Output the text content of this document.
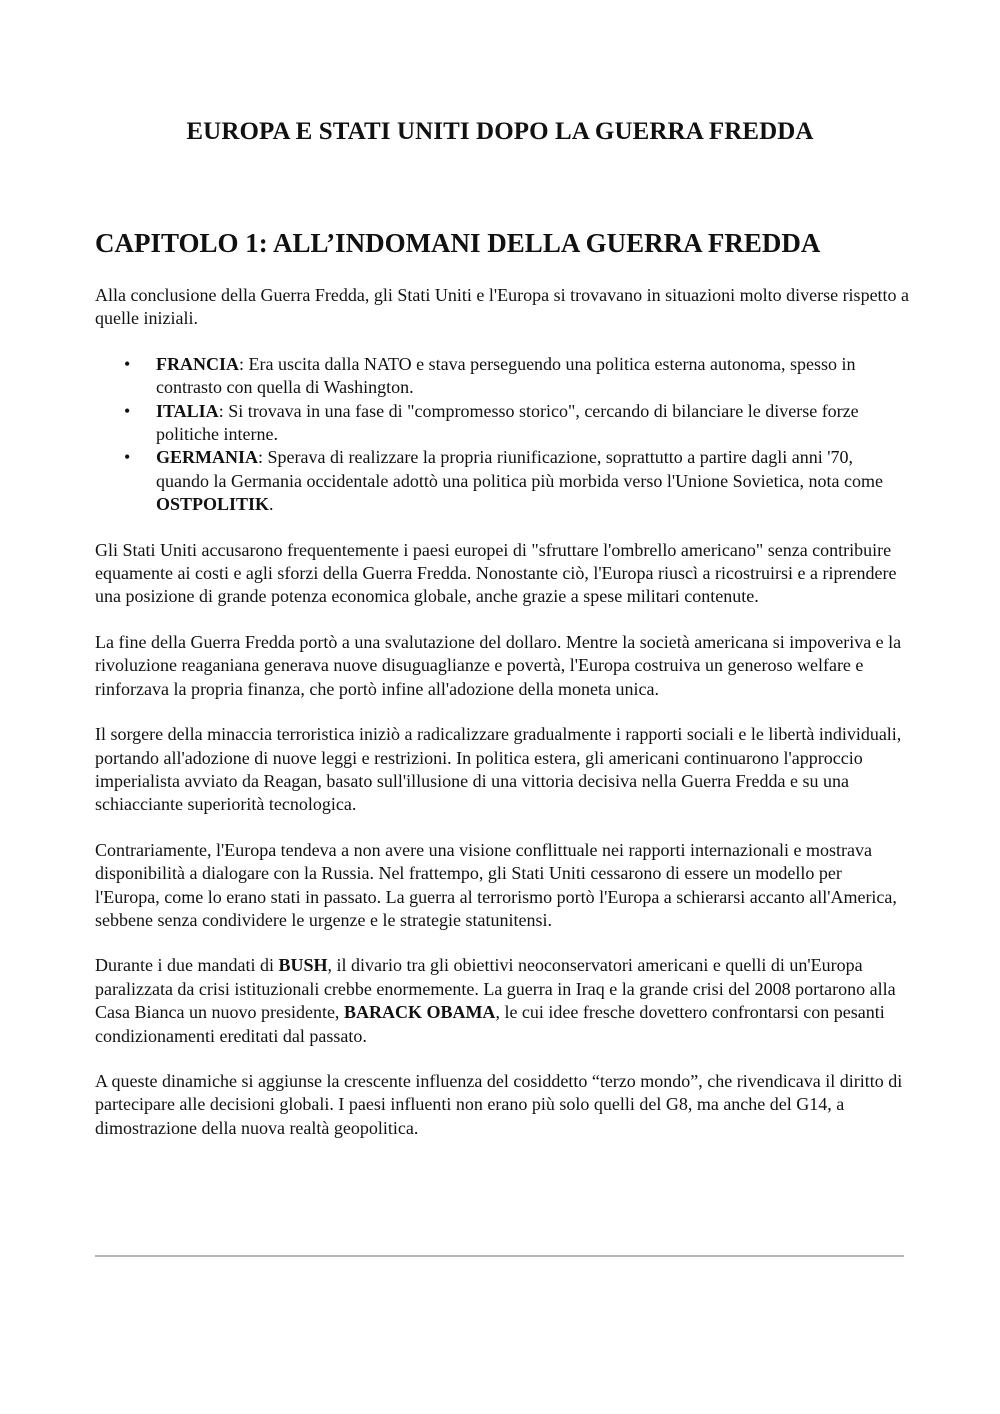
EUROPA E STATI UNITI DOPO LA GUERRA FREDDA
CAPITOLO 1: ALL’INDOMANI DELLA GUERRA FREDDA

Alla conclusione della Guerra Fredda, gli Stati Uniti e l'Europa si trovavano in situazioni molto diverse rispetto a quelle iniziali.

• FRANCIA: Era uscita dalla NATO e stava perseguendo una politica esterna autonoma, spesso in contrasto con quella di Washington.
• ITALIA: Si trovava in una fase di "compromesso storico", cercando di bilanciare le diverse forze politiche interne.
• GERMANIA: Sperava di realizzare la propria riunificazione, soprattutto a partire dagli anni '70, quando la Germania occidentale adottò una politica più morbida verso l'Unione Sovietica, nota come OSTPOLITIK.

Gli Stati Uniti accusarono frequentemente i paesi europei di "sfruttare l'ombrello americano" senza contribuire equamente ai costi e agli sforzi della Guerra Fredda. Nonostante ciò, l'Europa riuscì a ricostruirsi e a riprendere una posizione di grande potenza economica globale, anche grazie a spese militari contenute.

La fine della Guerra Fredda portò a una svalutazione del dollaro. Mentre la società americana si impoveriva e la rivoluzione reaganiana generava nuove disuguaglianze e povertà, l'Europa costruiva un generoso welfare e rinforzava la propria finanza, che portò infine all'adozione della moneta unica.

Il sorgere della minaccia terroristica iniziò a radicalizzare gradualmente i rapporti sociali e le libertà individuali, portando all'adozione di nuove leggi e restrizioni. In politica estera, gli americani continuarono l'approccio imperialista avviato da Reagan, basato sull'illusione di una vittoria decisiva nella Guerra Fredda e su una schiacciante superiorità tecnologica.

Contrariamente, l'Europa tendeva a non avere una visione conflittuale nei rapporti internazionali e mostrava disponibilità a dialogare con la Russia. Nel frattempo, gli Stati Uniti cessarono di essere un modello per l'Europa, come lo erano stati in passato. La guerra al terrorismo portò l'Europa a schierarsi accanto all'America, sebbene senza condividere le urgenze e le strategie statunitensi.

Durante i due mandati di BUSH, il divario tra gli obiettivi neoconservatori americani e quelli di un'Europa paralizzata da crisi istituzionali crebbe enormemente. La guerra in Iraq e la grande crisi del 2008 portarono alla Casa Bianca un nuovo presidente, BARACK OBAMA, le cui idee fresche dovettero confrontarsi con pesanti condizionamenti ereditati dal passato.

A queste dinamiche si aggiunse la crescente influenza del cosiddetto “terzo mondo”, che rivendicava il diritto di partecipare alle decisioni globali. I paesi influenti non erano più solo quelli del G8, ma anche del G14, a dimostrazione della nuova realtà geopolitica.
